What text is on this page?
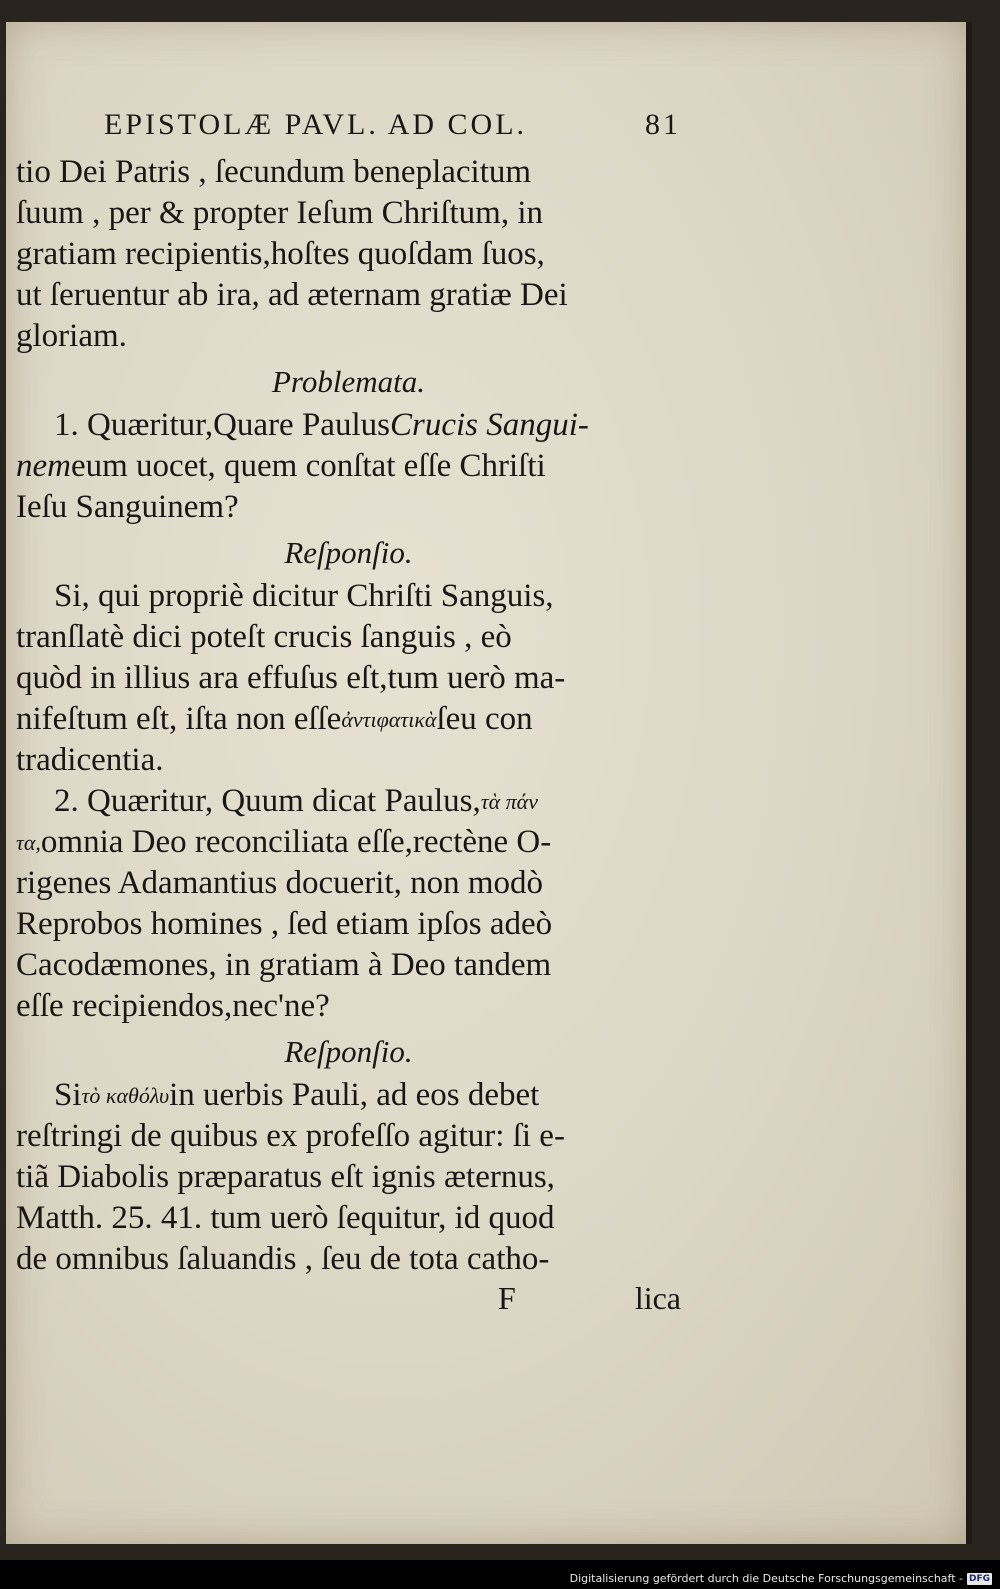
EPISTOLÆ PAVL. AD COL.	81
tio Dei Patris , ſecundum beneplacitum
ſuum , per & propter Ieſum Chriſtum, in
gratiam recipientis,hoſtes quoſdam ſuos,
ut ſeruentur ab ira, ad æternam gratiæ Dei
gloriam.
Problemata.
1. Quæritur,Quare Paulus Crucis Sangui-
nem eum uocet, quem conſtat eſſe Chriſti
Ieſu Sanguinem?
Reſponſio.
Si, qui propriè dicitur Chriſti Sanguis,
tranſlatè dici poteſt crucis ſanguis , eò
quòd in illius ara effuſus eſt,tum uerò ma-
nifeſtum eſt, iſta non eſſe ἀντιφατικὰ ſeu con
tradicentia.
2. Quæritur, Quum dicat Paulus, τὰ πάν
τα, omnia Deo reconciliata eſſe,rectène O-
rigenes Adamantius docuerit, non modò
Reprobos homines , ſed etiam ipſos adeò
Cacodæmones, in gratiam à Deo tandem
eſſe recipiendos,nec'ne?
Reſponſio.
Si τὸ καθόλυ in uerbis Pauli, ad eos debet
reſtringi de quibus ex profeſſo agitur: ſi e-
tiã Diabolis præparatus eſt ignis æternus,
Matth. 25. 41. tum uerò ſequitur, id quod
de omnibus ſaluandis , ſeu de tota catho-
F	lica
Digitalisierung gefördert durch die Deutsche Forschungsgemeinschaft - DFG
